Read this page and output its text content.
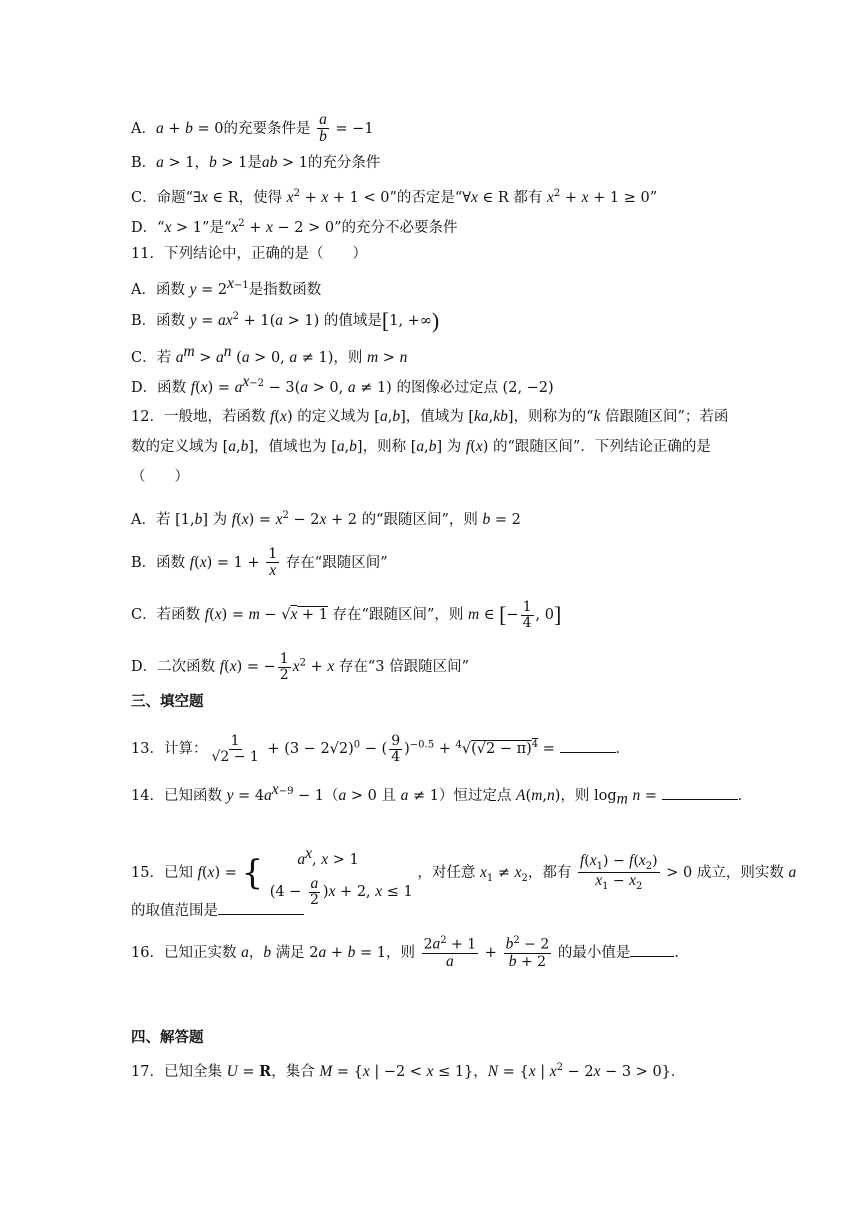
A．a + b = 0的充要条件是 $\frac{a}{b} = -1$
B．a > 1，b > 1是ab > 1的充分条件
C．命题“∃x ∈ R，使得 $x^2 + x + 1 < 0$”的否定是“∀x ∈ R 都有 $x^2 + x + 1 \ge 0$”
D．“x > 1”是“$x^2 + x - 2 > 0$”的充分不必要条件
11．下列结论中，正确的是（　　）
A．函数 $y = 2^{x-1}$是指数函数
B．函数 $y = ax^2 + 1(a > 1)$ 的值域是[1, +∞)
C．若 $a^m > a^n$ (a > 0, a ≠ 1)，则 m > n
D．函数 $f(x) = a^{x-2} - 3(a > 0$, a ≠ 1) 的图像必过定点 (2, −2)
12．一般地，若函数 f(x) 的定义域为 [a,b]，值域为 [ka,kb]，则称为的“k 倍跟随区间”；若函数的定义域为 [a,b]，值域也为 [a,b]，则称 [a,b] 为 f(x) 的“跟随区间”．下列结论正确的是（　　）
A．若 [1,b] 为 $f(x) = x^2 - 2x + 2$ 的“跟随区间”，则 b = 2
B．函数 $f(x) = 1 + \frac{1}{x}$ 存在“跟随区间”
C．若函数 f(x) = m − √x + 1 存在“跟随区间”，则 m ∈ [− $\frac{1}{4}$ , 0]
D．二次函数 f(x) = − $\frac{1}{2} x^2 + x$ 存在“3 倍跟随区间”
三、填空题
13．计算： $\frac{1}{√2 - 1} + (3 - 2√2)^0$ − ( $\frac{9}{4} )^{-0.5} + ^4√(√2 - \pi)^4$ =	．
14．已知函数 $y = 4a^{x-9} - 1(a > 0$ 且 a ≠ 1）恒过定点 A(m,n)，则 $\log_m n$ =	．
15．已知 f(x) = {	$a^x$, x > 1
$(4 - \frac{a}{2} )x + 2$, x ≤ 1
，对任意 $x_1 \ne x_2$，都有 $\frac{f(x_1) - f(x_2)}{x_1 - x_2} > 0$ 成立，则实数 a
的取值范围是
16．已知正实数 a，b 满足 2a + b = 1，则 $\frac{2a^2 + 1}{a} + \frac{b^2 - 2}{b + 2}$ 的最小值是	．
四、解答题
17．已知全集 U = R，集合 M = {x | −2 < x ≤ 1}，N = {x | $x^2 - 2x - 3 > 0$}．
